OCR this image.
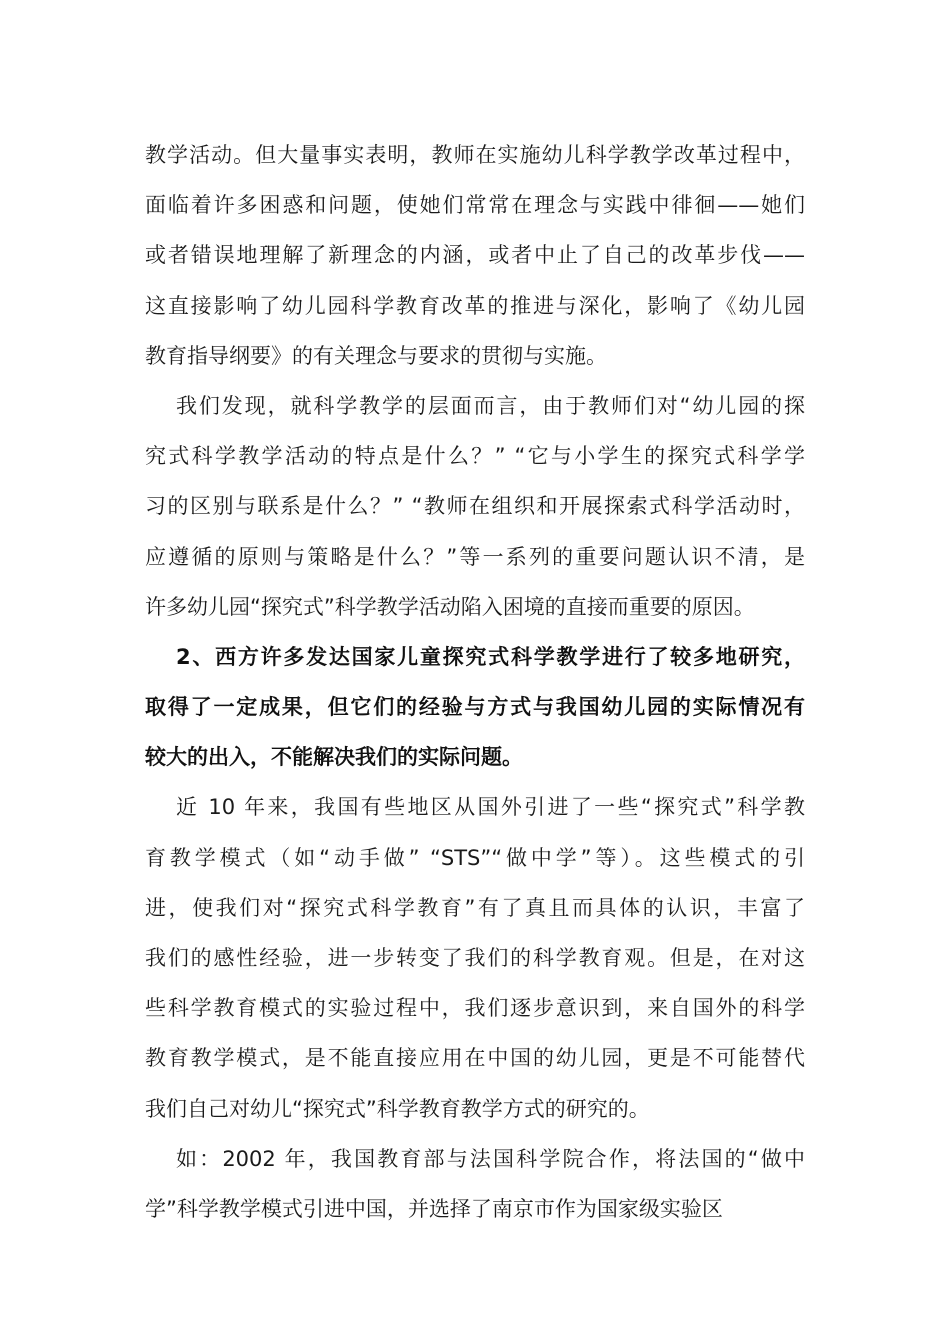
教学活动。但大量事实表明，教师在实施幼儿科学教学改革过程中，
面临着许多困惑和问题，使她们常常在理念与实践中徘徊——她们
或者错误地理解了新理念的内涵，或者中止了自己的改革步伐——
这直接影响了幼儿园科学教育改革的推进与深化，影响了《幼儿园
教育指导纲要》的有关理念与要求的贯彻与实施。
我们发现，就科学教学的层面而言，由于教师们对“幼儿园的探
究式科学教学活动的特点是什么？” “它与小学生的探究式科学学
习的区别与联系是什么？” “教师在组织和开展探索式科学活动时，
应遵循的原则与策略是什么？”等一系列的重要问题认识不清，是
许多幼儿园“探究式”科学教学活动陷入困境的直接而重要的原因。
2、西方许多发达国家儿童探究式科学教学进行了较多地研究，
取得了一定成果，但它们的经验与方式与我国幼儿园的实际情况有
较大的出入，不能解决我们的实际问题。
近 10 年来，我国有些地区从国外引进了一些“探究式”科学教
育教学模式（如“动手做” “STS”“做中学”等）。这些模式的引
进，使我们对“探究式科学教育”有了真且而具体的认识，丰富了
我们的感性经验，进一步转变了我们的科学教育观。但是，在对这
些科学教育模式的实验过程中，我们逐步意识到，来自国外的科学
教育教学模式，是不能直接应用在中国的幼儿园，更是不可能替代
我们自己对幼儿“探究式”科学教育教学方式的研究的。
如：2002 年，我国教育部与法国科学院合作，将法国的“做中
学”科学教学模式引进中国，并选择了南京市作为国家级实验区
